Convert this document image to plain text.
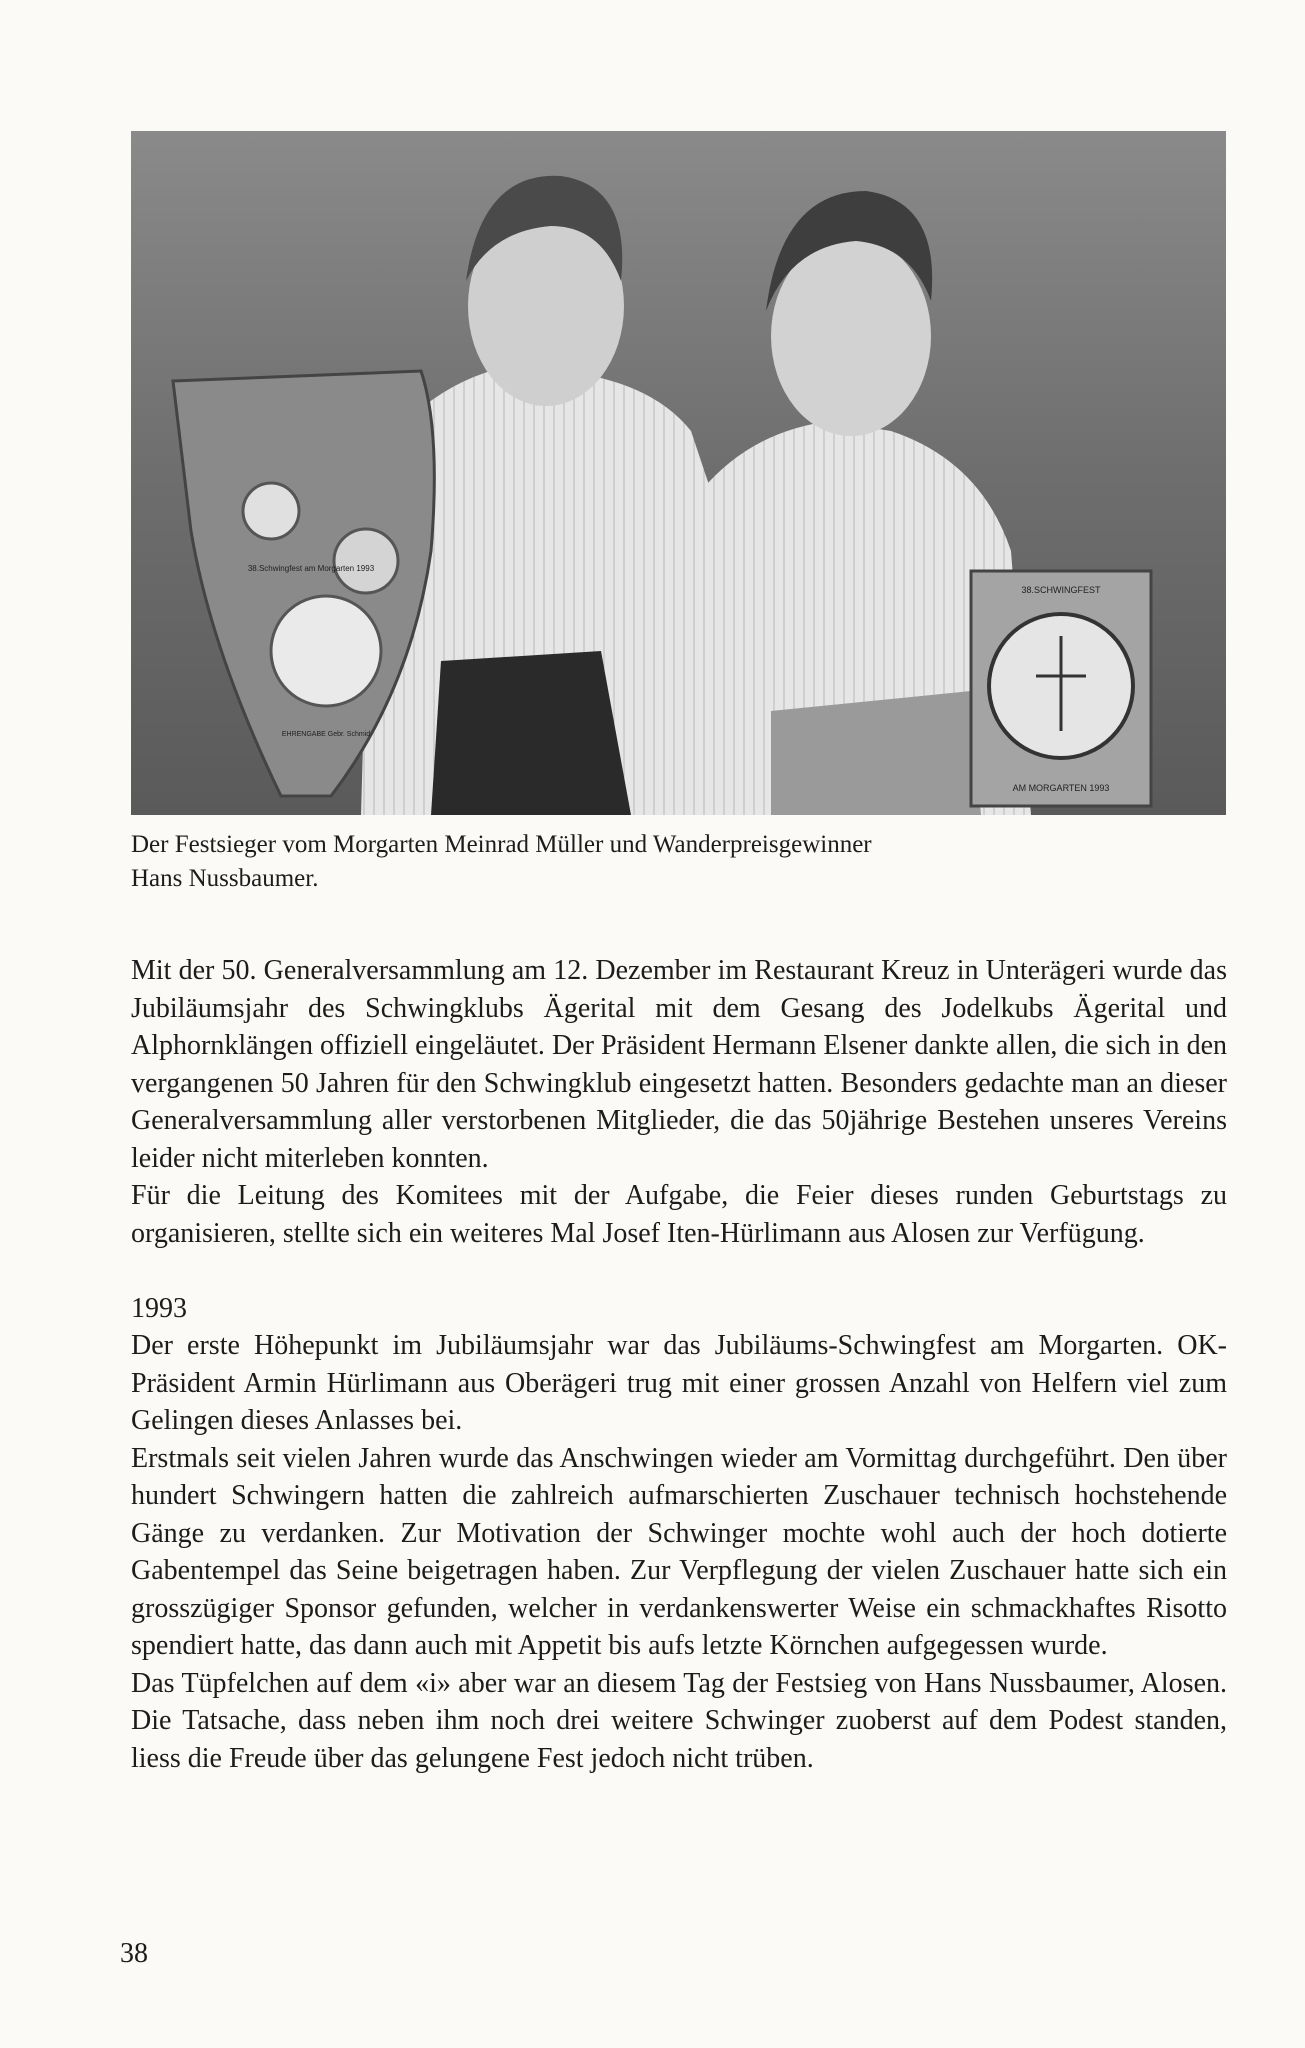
38.Schwingfest am Morgarten 1993
EHRENGABE Gebr. Schmid
38.SCHWINGFEST
AM MORGARTEN 1993

Der Festsieger vom Morgarten Meinrad Müller und Wanderpreisgewinner

Hans Nussbaumer.

Mit der 50. Generalversammlung am 12. Dezember im Restaurant Kreuz in Unterägeri wurde das Jubiläumsjahr des Schwingklubs Ägerital mit dem Gesang des Jodelkubs Ägerital und Alphornklängen offiziell eingeläutet. Der Präsident Hermann Elsener dankte allen, die sich in den vergangenen 50 Jahren für den Schwingklub eingesetzt hatten. Besonders gedachte man an dieser Generalversammlung aller verstorbenen Mitglieder, die das 50jährige Bestehen unseres Vereins leider nicht miterleben konnten.

Für die Leitung des Komitees mit der Aufgabe, die Feier dieses runden Geburtstags zu organisieren, stellte sich ein weiteres Mal Josef Iten-Hürlimann aus Alosen zur Verfügung.

1993

Der erste Höhepunkt im Jubiläumsjahr war das Jubiläums-Schwingfest am Morgarten. OK-Präsident Armin Hürlimann aus Oberägeri trug mit einer grossen Anzahl von Helfern viel zum Gelingen dieses Anlasses bei.

Erstmals seit vielen Jahren wurde das Anschwingen wieder am Vormittag durchgeführt. Den über hundert Schwingern hatten die zahlreich aufmarschierten Zuschauer technisch hochstehende Gänge zu verdanken. Zur Motivation der Schwinger mochte wohl auch der hoch dotierte Gabentempel das Seine beigetragen haben. Zur Verpflegung der vielen Zuschauer hatte sich ein grosszügiger Sponsor gefunden, welcher in verdankenswerter Weise ein schmackhaftes Risotto spendiert hatte, das dann auch mit Appetit bis aufs letzte Körnchen aufgegessen wurde.

Das Tüpfelchen auf dem «i» aber war an diesem Tag der Festsieg von Hans Nussbaumer, Alosen. Die Tatsache, dass neben ihm noch drei weitere Schwinger zuoberst auf dem Podest standen, liess die Freude über das gelungene Fest jedoch nicht trüben.

38
